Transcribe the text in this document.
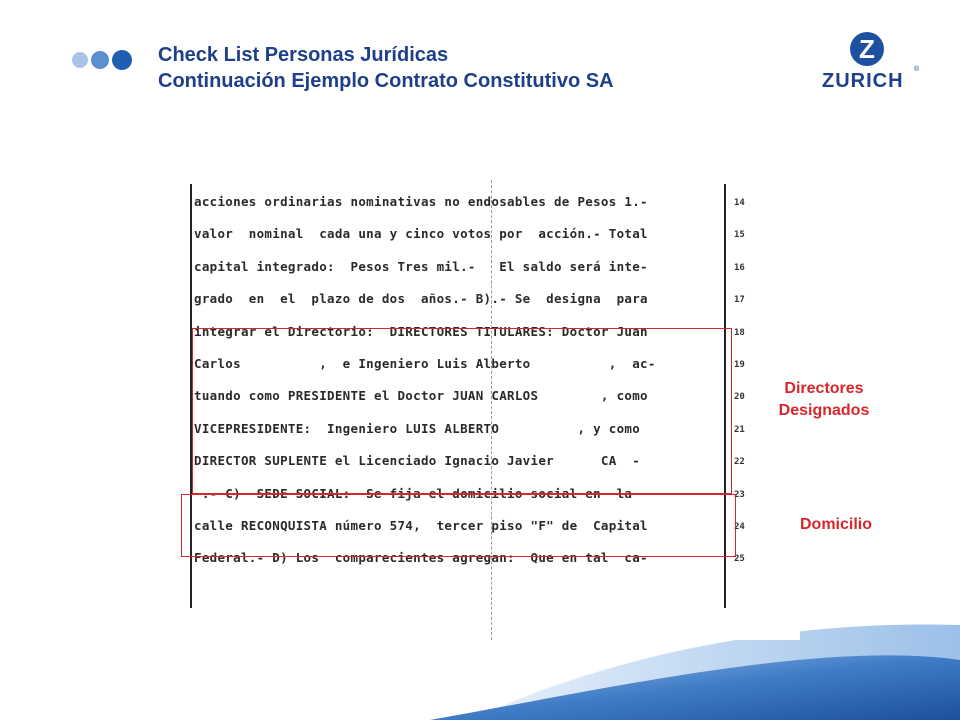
Check List Personas Jurídicas
Continuación Ejemplo Contrato Constitutivo SA
Z
ZURICH
®
acciones ordinarias nominativas no endosables de Pesos 1.-
valor  nominal  cada una y cinco votos por  acción.- Total
capital integrado:  Pesos Tres mil.-   El saldo será inte-
grado  en  el  plazo de dos  años.- B).- Se  designa  para
integrar el Directorio:  DIRECTORES TITULARES: Doctor Juan
Carlos          ,  e Ingeniero Luis Alberto          ,  ac-
tuando como PRESIDENTE el Doctor JUAN CARLOS        , como
VICEPRESIDENTE:  Ingeniero LUIS ALBERTO          , y como
DIRECTOR SUPLENTE el Licenciado Ignacio Javier      CA  -
.- C)  SEDE SOCIAL:  Se fija el domicilio social en  la
calle RECONQUISTA número 574,  tercer piso "F" de  Capital
Federal.- D) Los  comparecientes agregan:  Que en tal  ca-
14
15
16
17
18
19
20
21
22
23
24
25
Directores Designados
Domicilio
